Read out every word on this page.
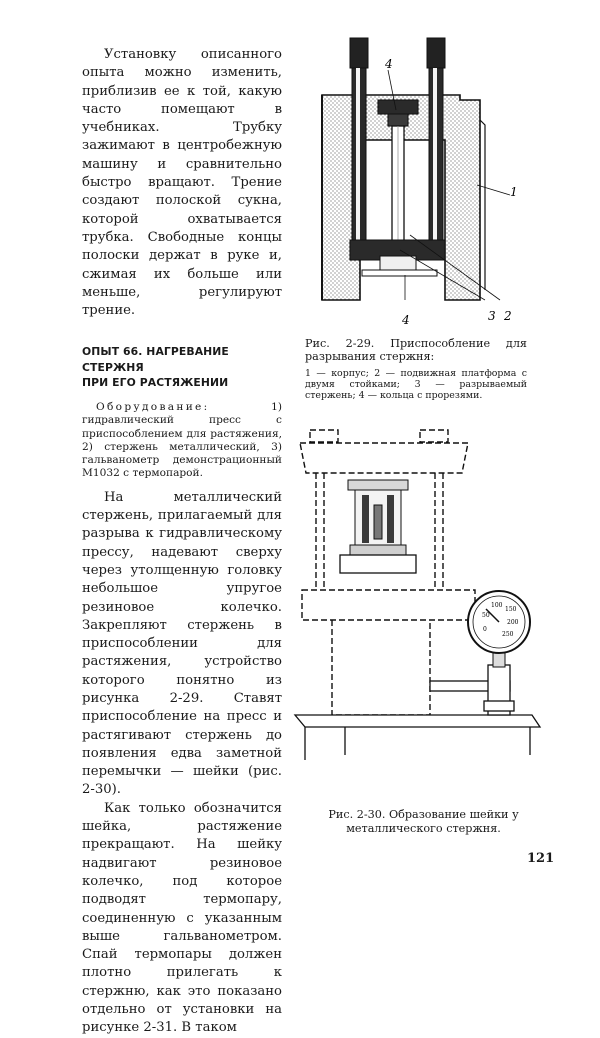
Установку описанного опыта можно изменить, приблизив ее к той, какую часто помещают в учебниках. Трубку зажимают в центробежную машину и сравнительно быстро вращают. Трение создают полоской сукна, которой охватывается трубка. Свободные концы полоски держат в руке и, сжимая их больше или меньше, регулируют трение.

ОПЫТ 66. НАГРЕВАНИЕ СТЕРЖНЯ
ПРИ ЕГО РАСТЯЖЕНИИ

Оборудование:	1) гидравлический пресс с приспособлением для растяжения, 2) стержень металлический, 3) гальванометр демонстрационный М1032 с термопарой.

На металлический стержень, прилагаемый для разрыва к гидравлическому прессу, надевают сверху через утолщенную головку небольшое упругое резиновое колечко. Закрепляют стержень в приспособлении для растяжения, устройство которого понятно из рисунка 2-29. Ставят приспособление на пресс и растягивают стержень до появления едва заметной перемычки — шейки (рис. 2-30).

Как только обозначится шейка, растяжение прекращают. На шейку надвигают резиновое колечко, под которое подводят термопару, соединенную с указанным выше гальванометром. Спай термопары должен плотно прилегать к стержню, как это показано отдельно от установки на рисунке 2-31. В таком

4
1
4	3 2
Рис. 2-29. Приспособление для разрывания стержня:
1 — корпус; 2 — подвижная платформа с двумя стойками; 3 — разрываемый стержень; 4 — кольца с прорезями.
100
50
150
0
200
250
Рис. 2-30. Образование шейки у металлического стержня.
121
